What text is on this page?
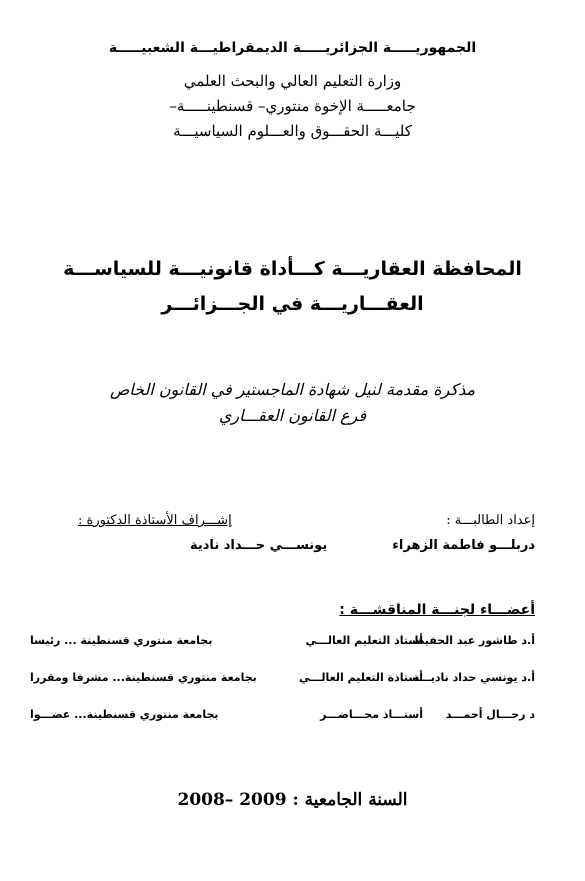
الجمهوريـــــة الجزائريـــــة الديمقراطيـــة الشعبيـــــة
وزارة التعليم العالي والبحث العلمي
جامعـــــة الإخوة منتوري– قسنطينـــــة–
كليـــة الحقـــوق والعـــلوم السياسيـــة
المحافظة العقاريـــة كـــأداة قانونيـــة للسياســـة
العقـــاريـــة في الجـــزائـــر
مذكرة مقدمة لنيل شهادة الماجستير في القانون الخاص
فرع القانون العقـــاري
إعداد الطالبـــة :
إشـــراف الأستاذة الدكتورة :
دربلـــو فاطمة الزهراء
يونســـي حـــداد نادية
أعضـــاء لجنـــة المناقشـــة :
أ.د طاشور عبد الحفيظ
أستاذ التعليم العالـــي
بجامعة منتوري قسنطينة ... رئيسا
أ.د يونسي حداد ناديـــة
أستاذة التعليم العالـــي
بجامعة منتوري قسنطينة... مشرفا ومقررا
د رحـــال أحمـــد
أستـــاذ محـــاضـــر
بجامعة منتوري قسنطينة... عضـــوا
السنة الجامعية : 2008– 2009
